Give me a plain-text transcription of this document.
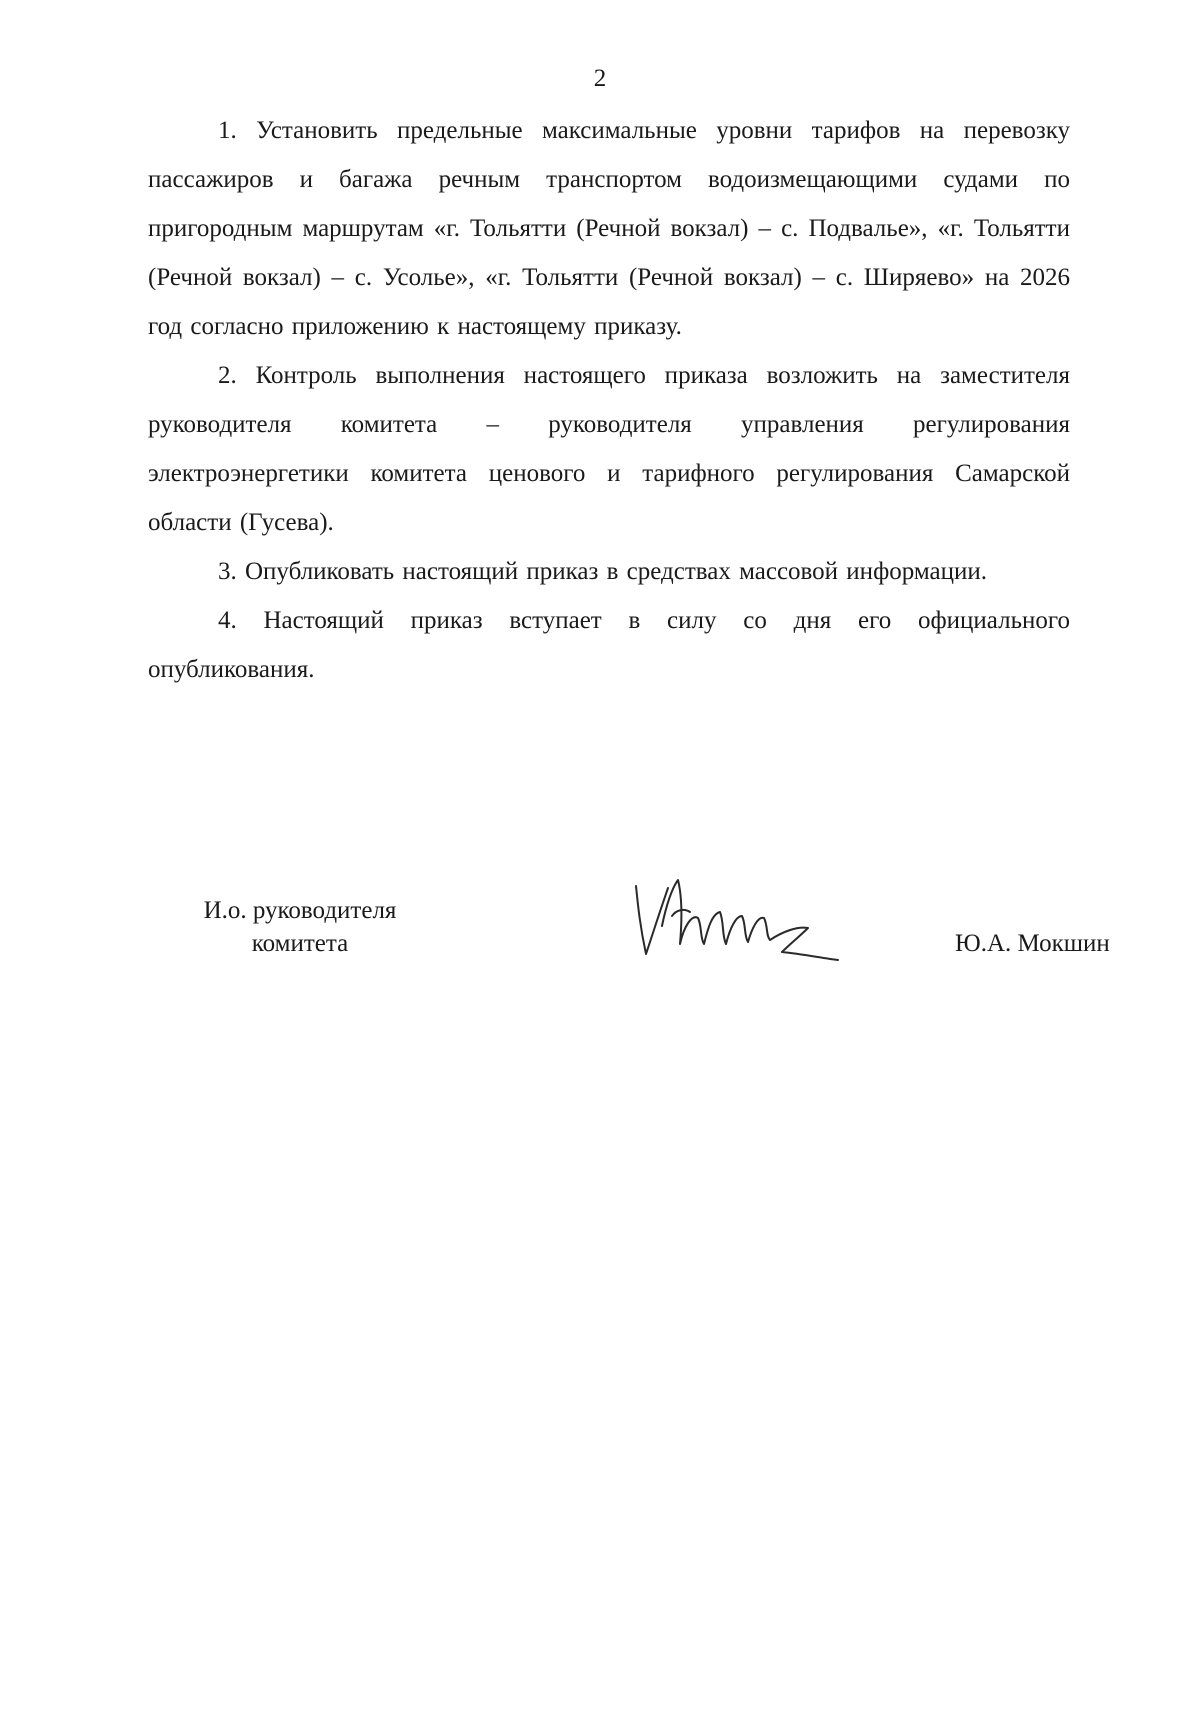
2

1. Установить предельные максимальные уровни тарифов на перевозку пассажиров и багажа речным транспортом водоизмещающими судами по пригородным маршрутам «г. Тольятти (Речной вокзал) – с. Подвалье», «г. Тольятти (Речной вокзал) – с. Усолье», «г. Тольятти (Речной вокзал) – с. Ширяево» на 2026 год согласно приложению к настоящему приказу.

2. Контроль выполнения настоящего приказа возложить на заместителя руководителя комитета – руководителя управления регулирования электроэнергетики комитета ценового и тарифного регулирования Самарской области (Гусева).

3. Опубликовать настоящий приказ в средствах массовой информации.

4. Настоящий приказ вступает в силу со дня его официального опубликования.

И.о. руководителя
комитета	Ю.А. Мокшин
